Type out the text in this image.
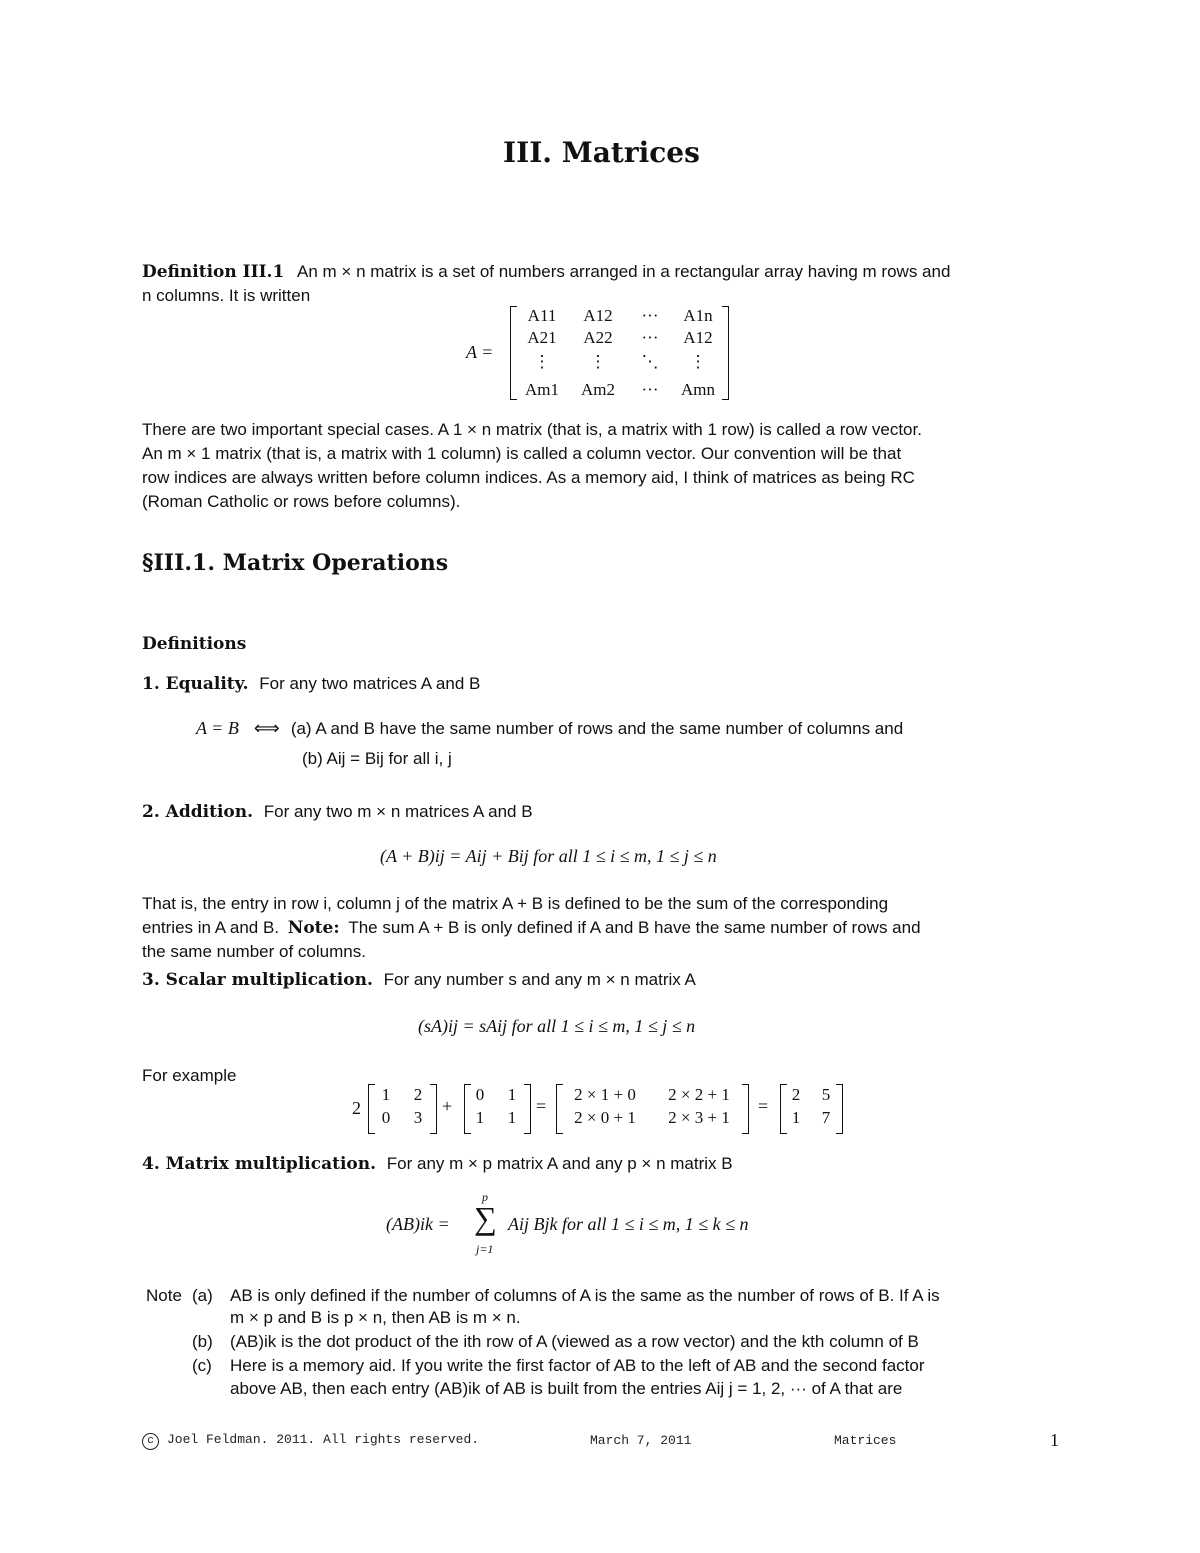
III. Matrices
Definition III.1 An m × n matrix is a set of numbers arranged in a rectangular array having m rows and
n columns. It is written
A =
A11	A12	···	A1n
A21	A22	···	A12
⋮	⋮	⋱	⋮
Am1 Am2	···	Amn
There are two important special cases. A 1 × n matrix (that is, a matrix with 1 row) is called a row vector.
An m × 1 matrix (that is, a matrix with 1 column) is called a column vector. Our convention will be that
row indices are always written before column indices. As a memory aid, I think of matrices as being RC
(Roman Catholic or rows before columns).
§III.1. Matrix Operations
Definitions
1. Equality. For any two matrices A and B
A = B ⟺ (a) A and B have the same number of rows and the same number of columns and
(b) Aij = Bij for all i, j
2. Addition. For any two m × n matrices A and B
(A + B)ij = Aij + Bij for all 1 ≤ i ≤ m, 1 ≤ j ≤ n
That is, the entry in row i, column j of the matrix A + B is defined to be the sum of the corresponding
entries in A and B. Note: The sum A + B is only defined if A and B have the same number of rows and
the same number of columns.
3. Scalar multiplication. For any number s and any m × n matrix A
(sA)ij = sAij for all 1 ≤ i ≤ m, 1 ≤ j ≤ n
For example
2
1	2
0	3
+
0	1
1	1
=
2 × 1 + 0	2 × 2 + 1
2 × 0 + 1	2 × 3 + 1
=
2	5
1	7
4. Matrix multiplication. For any m × p matrix A and any p × n matrix B
(AB)ik =
p
∑
j=1
Aij Bjk for all 1 ≤ i ≤ m, 1 ≤ k ≤ n
Note (a) AB is only defined if the number of columns of A is the same as the number of rows of B. If A is
m × p and B is p × n, then AB is m × n.
(b) (AB)ik is the dot product of the ith row of A (viewed as a row vector) and the kth column of B
(c) Here is a memory aid. If you write the first factor of AB to the left of AB and the second factor
above AB, then each entry (AB)ik of AB is built from the entries Aij j = 1, 2, ··· of A that are
c Joel Feldman. 2011. All rights reserved.	March 7, 2011	Matrices	1
